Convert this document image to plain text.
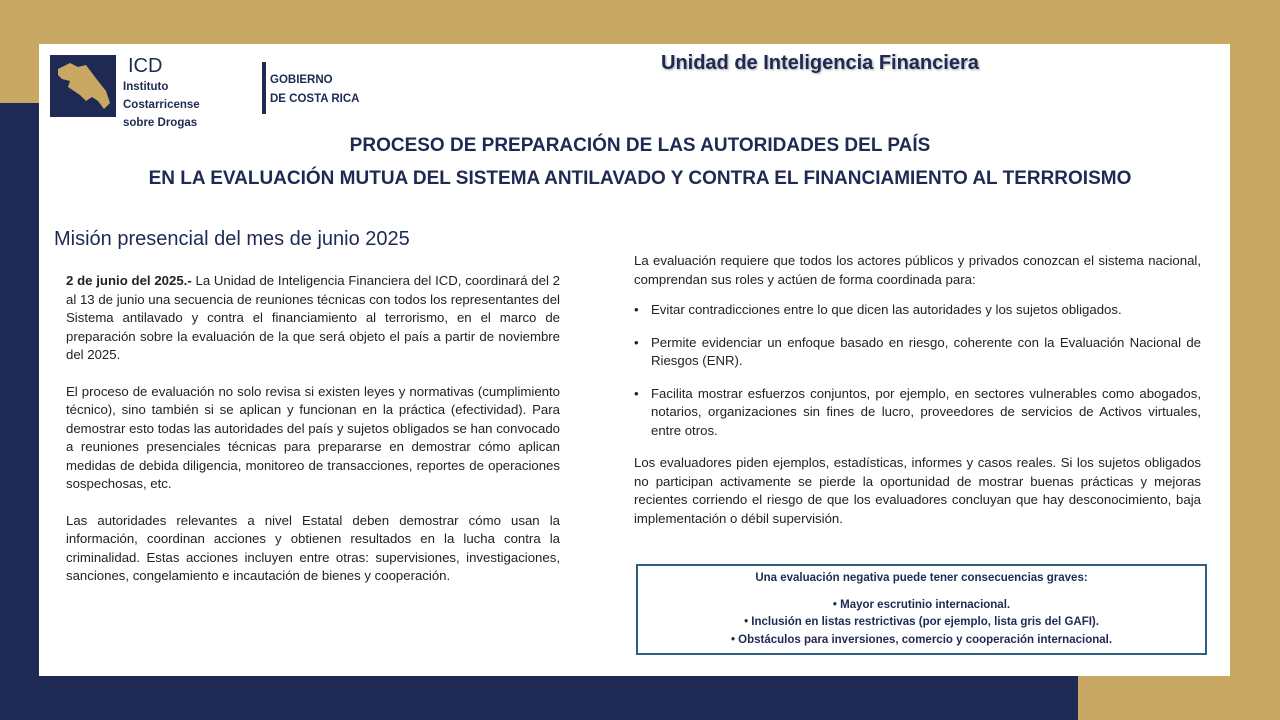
ICD
Instituto
Costarricense
sobre Drogas
GOBIERNO
DE COSTA RICA
Unidad de Inteligencia Financiera
PROCESO DE PREPARACIÓN DE LAS AUTORIDADES DEL PAÍS
EN LA EVALUACIÓN MUTUA DEL SISTEMA ANTILAVADO Y CONTRA EL FINANCIAMIENTO AL TERRROISMO
Misión presencial del mes de junio 2025

2 de junio del 2025.- La Unidad de Inteligencia Financiera del ICD, coordinará del 2 al 13 de junio una secuencia de reuniones técnicas con todos los representantes del Sistema antilavado y contra el financiamiento al terrorismo, en el marco de preparación sobre la evaluación de la que será objeto el país a partir de noviembre del 2025.

El proceso de evaluación no solo revisa si existen leyes y normativas (cumplimiento técnico), sino también si se aplican y funcionan en la práctica (efectividad). Para demostrar esto todas las autoridades del país y sujetos obligados se han convocado a reuniones presenciales técnicas para prepararse en demostrar cómo aplican medidas de debida diligencia, monitoreo de transacciones, reportes de operaciones sospechosas, etc.

Las autoridades relevantes a nivel Estatal deben demostrar cómo usan la información, coordinan acciones y obtienen resultados en la lucha contra la criminalidad. Estas acciones incluyen entre otras: supervisiones, investigaciones, sanciones, congelamiento e incautación de bienes y cooperación.

La evaluación requiere que todos los actores públicos y privados conozcan el sistema nacional, comprendan sus roles y actúen de forma coordinada para:

• Evitar contradicciones entre lo que dicen las autoridades y los sujetos obligados.
• Permite evidenciar un enfoque basado en riesgo, coherente con la Evaluación Nacional de Riesgos (ENR).
• Facilita mostrar esfuerzos conjuntos, por ejemplo, en sectores vulnerables como abogados, notarios, organizaciones sin fines de lucro, proveedores de servicios de Activos virtuales, entre otros.

Los evaluadores piden ejemplos, estadísticas, informes y casos reales. Si los sujetos obligados no participan activamente se pierde la oportunidad de mostrar buenas prácticas y mejoras recientes corriendo el riesgo de que los evaluadores concluyan que hay desconocimiento, baja implementación o débil supervisión.

Una evaluación negativa puede tener consecuencias graves:
• Mayor escrutinio internacional.
• Inclusión en listas restrictivas (por ejemplo, lista gris del GAFI).
• Obstáculos para inversiones, comercio y cooperación internacional.
